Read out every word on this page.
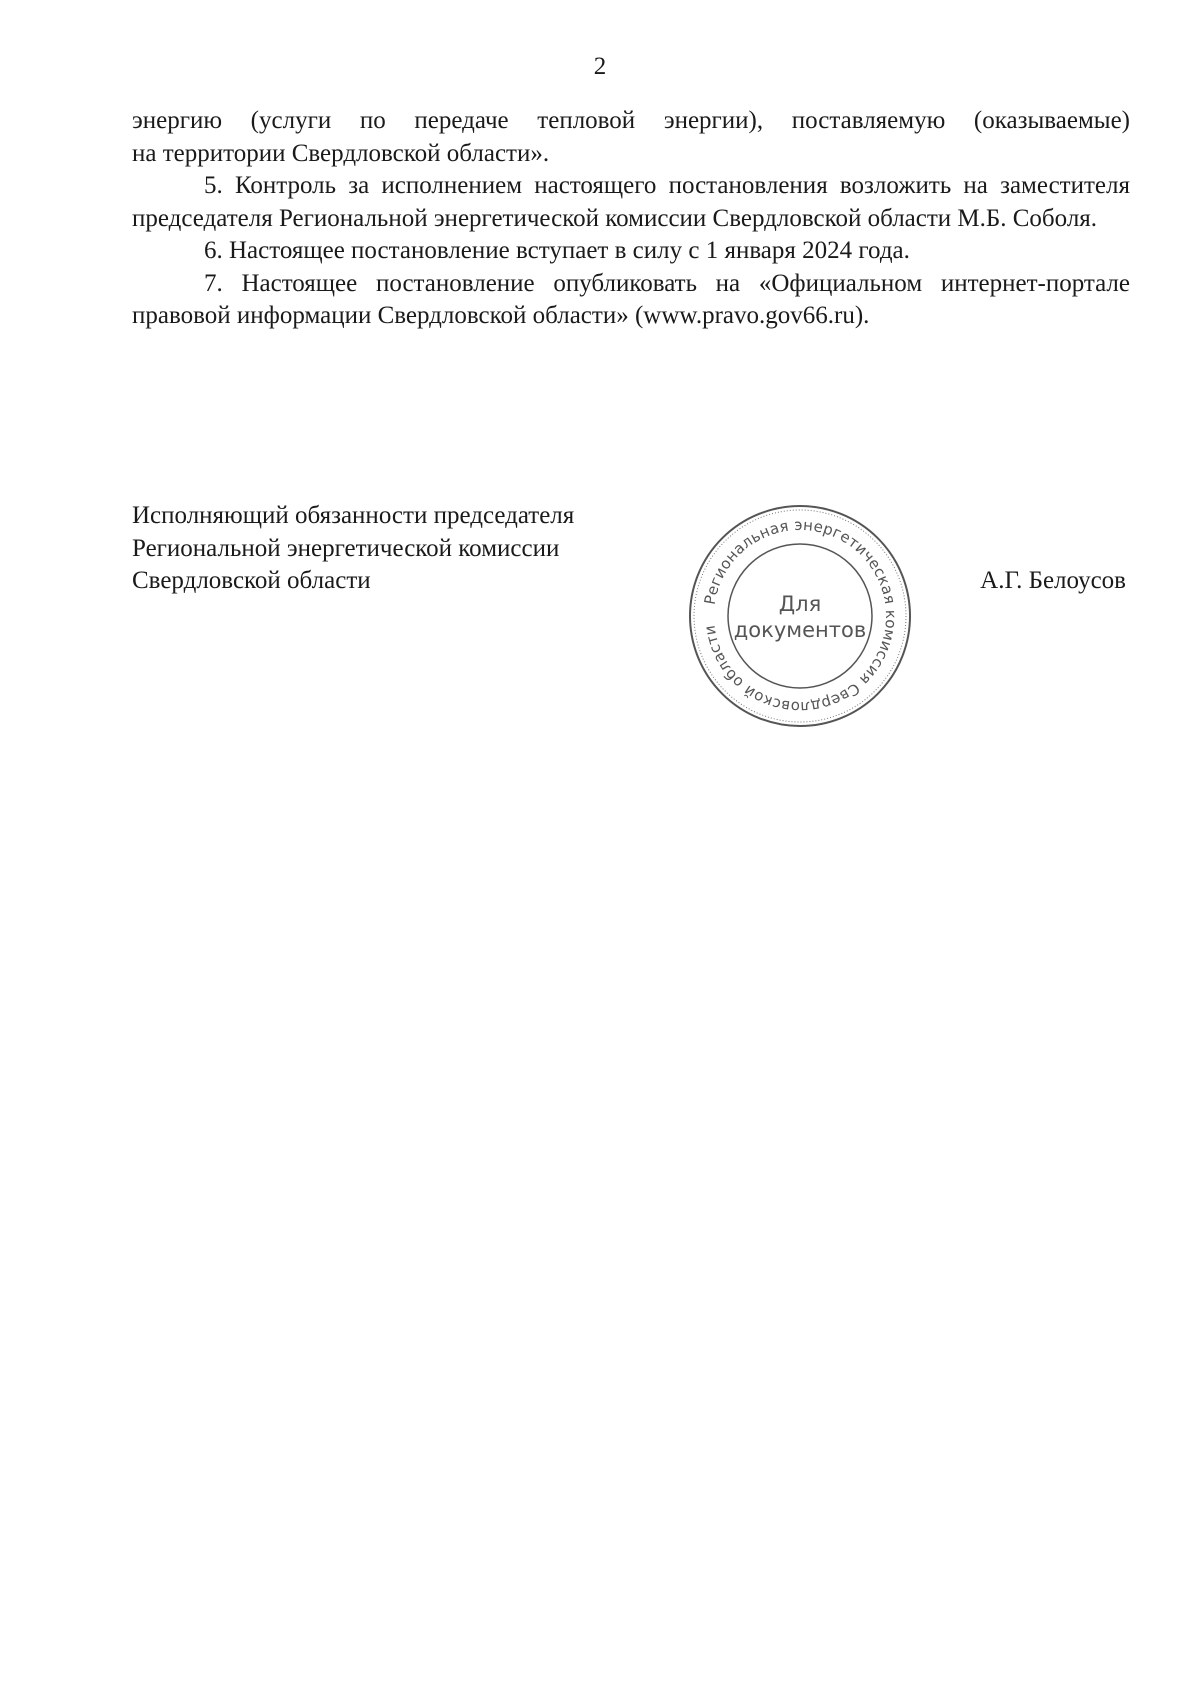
2

энергию (услуги по передаче тепловой энергии), поставляемую (оказываемые)

на территории Свердловской области».

5. Контроль за исполнением настоящего постановления возложить на заместителя председателя Региональной энергетической комиссии Свердловской области М.Б. Соболя.

6. Настоящее постановление вступает в силу с 1 января 2024 года.

7. Настоящее постановление опубликовать на «Официальном интернет-портале правовой информации Свердловской области» (www.pravo.gov66.ru).

Исполняющий обязанности председателя
Региональной энергетической комиссии
Свердловской области
Региональная энергетическая комиссия Свердловской области
Для
документов
А.Г. Белоусов
